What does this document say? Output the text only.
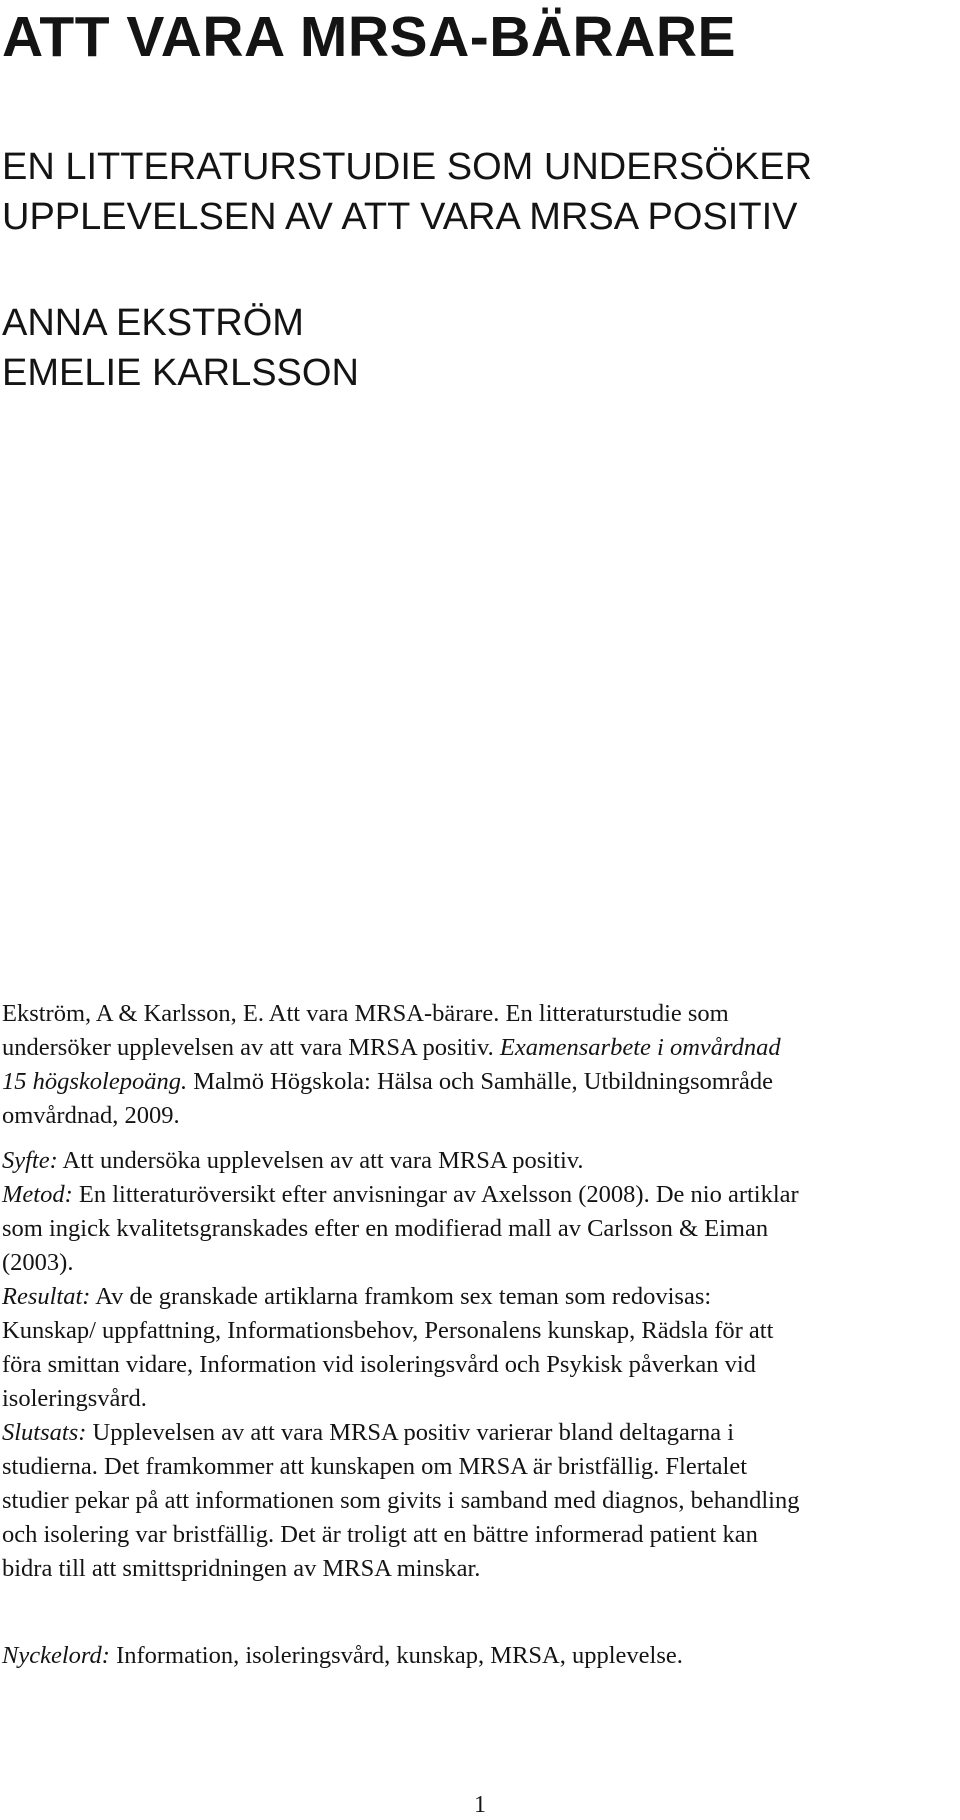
ATT VARA MRSA-BÄRARE
EN LITTERATURSTUDIE SOM UNDERSÖKER
UPPLEVELSEN AV ATT VARA MRSA POSITIV
ANNA EKSTRÖM
EMELIE KARLSSON
Ekström, A & Karlsson, E. Att vara MRSA-bärare. En litteraturstudie som
undersöker upplevelsen av att vara MRSA positiv. Examensarbete i omvårdnad
15 högskolepoäng. Malmö Högskola: Hälsa och Samhälle, Utbildningsområde
omvårdnad, 2009.
Syfte: Att undersöka upplevelsen av att vara MRSA positiv.
Metod: En litteraturöversikt efter anvisningar av Axelsson (2008). De nio artiklar
som ingick kvalitetsgranskades efter en modifierad mall av Carlsson & Eiman
(2003).
Resultat: Av de granskade artiklarna framkom sex teman som redovisas:
Kunskap/ uppfattning, Informationsbehov, Personalens kunskap, Rädsla för att
föra smittan vidare, Information vid isoleringsvård och Psykisk påverkan vid
isoleringsvård.
Slutsats: Upplevelsen av att vara MRSA positiv varierar bland deltagarna i
studierna. Det framkommer att kunskapen om MRSA är bristfällig. Flertalet
studier pekar på att informationen som givits i samband med diagnos, behandling
och isolering var bristfällig. Det är troligt att en bättre informerad patient kan
bidra till att smittspridningen av MRSA minskar.
Nyckelord: Information, isoleringsvård, kunskap, MRSA, upplevelse.
1
